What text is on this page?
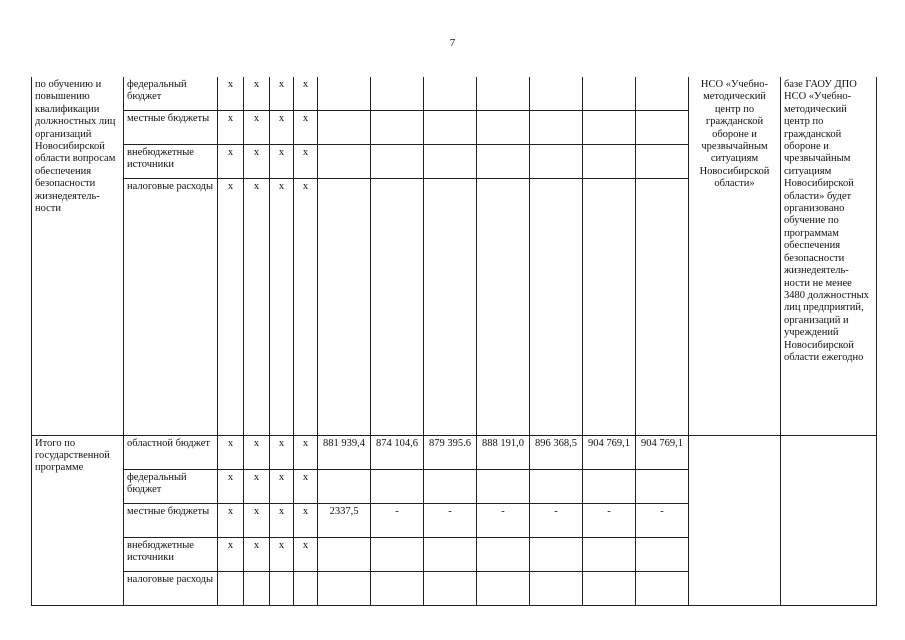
7
по обучению и повышению квалификации должностных лиц организаций Новосибирской области вопросам обеспечения безопасности жизнедеятель-ности	федеральный бюджет	х	х	х	х								НСО «Учебно-методический центр по гражданской обороне и чрезвычайным ситуациям Новосибирской области»	базе ГАОУ ДПО НСО «Учебно-методический центр по гражданской обороне и чрезвычайным ситуациям Новосибирской области» будет организовано обучение по программам обеспечения безопасности жизнедеятель-ности не менее 3480 должностных лиц предприятий, организаций и учреждений Новосибирской области ежегодно
	местные бюджеты	х	х	х	х									
	внебюджетные источники	х	х	х	х									
	налоговые расходы	х	х	х	х									
Итого по государственной программе	областной бюджет	х	х	х	х	881 939,4	874 104,6	879 395.6	888 191,0	896 368,5	904 769,1	904 769,1		
	федеральный бюджет	х	х	х	х									
	местные бюджеты	х	х	х	х	2337,5	-	-	-	-	-	-		
	внебюджетные источники	х	х	х	х									
	налоговые расходы													
